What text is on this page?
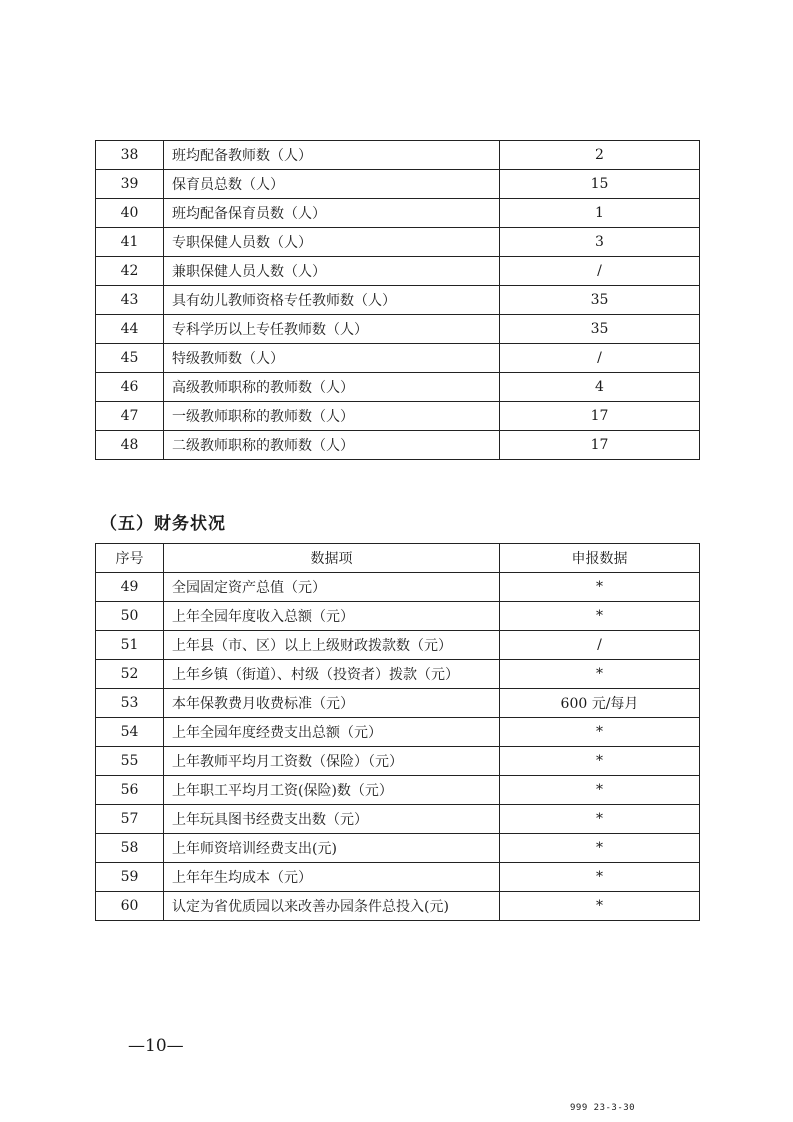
38	班均配备教师数（人）	2
39	保育员总数（人）	15
40	班均配备保育员数（人）	1
41	专职保健人员数（人）	3
42	兼职保健人员人数（人）	/
43	具有幼儿教师资格专任教师数（人）	35
44	专科学历以上专任教师数（人）	35
45	特级教师数（人）	/
46	高级教师职称的教师数（人）	4
47	一级教师职称的教师数（人）	17
48	二级教师职称的教师数（人）	17
（五）财务状况
序号	数据项	申报数据
49	全园固定资产总值（元）	*
50	上年全园年度收入总额（元）	*
51	上年县（市、区）以上上级财政拨款数（元）	/
52	上年乡镇（街道）、村级（投资者）拨款（元）	*
53	本年保教费月收费标准（元）	600 元/每月
54	上年全园年度经费支出总额（元）	*
55	上年教师平均月工资数（保险）（元）	*
56	上年职工平均月工资(保险)数（元）	*
57	上年玩具图书经费支出数（元）	*
58	上年师资培训经费支出(元)	*
59	上年年生均成本（元）	*
60	认定为省优质园以来改善办园条件总投入(元)	*
—10—
999 23-3-30
